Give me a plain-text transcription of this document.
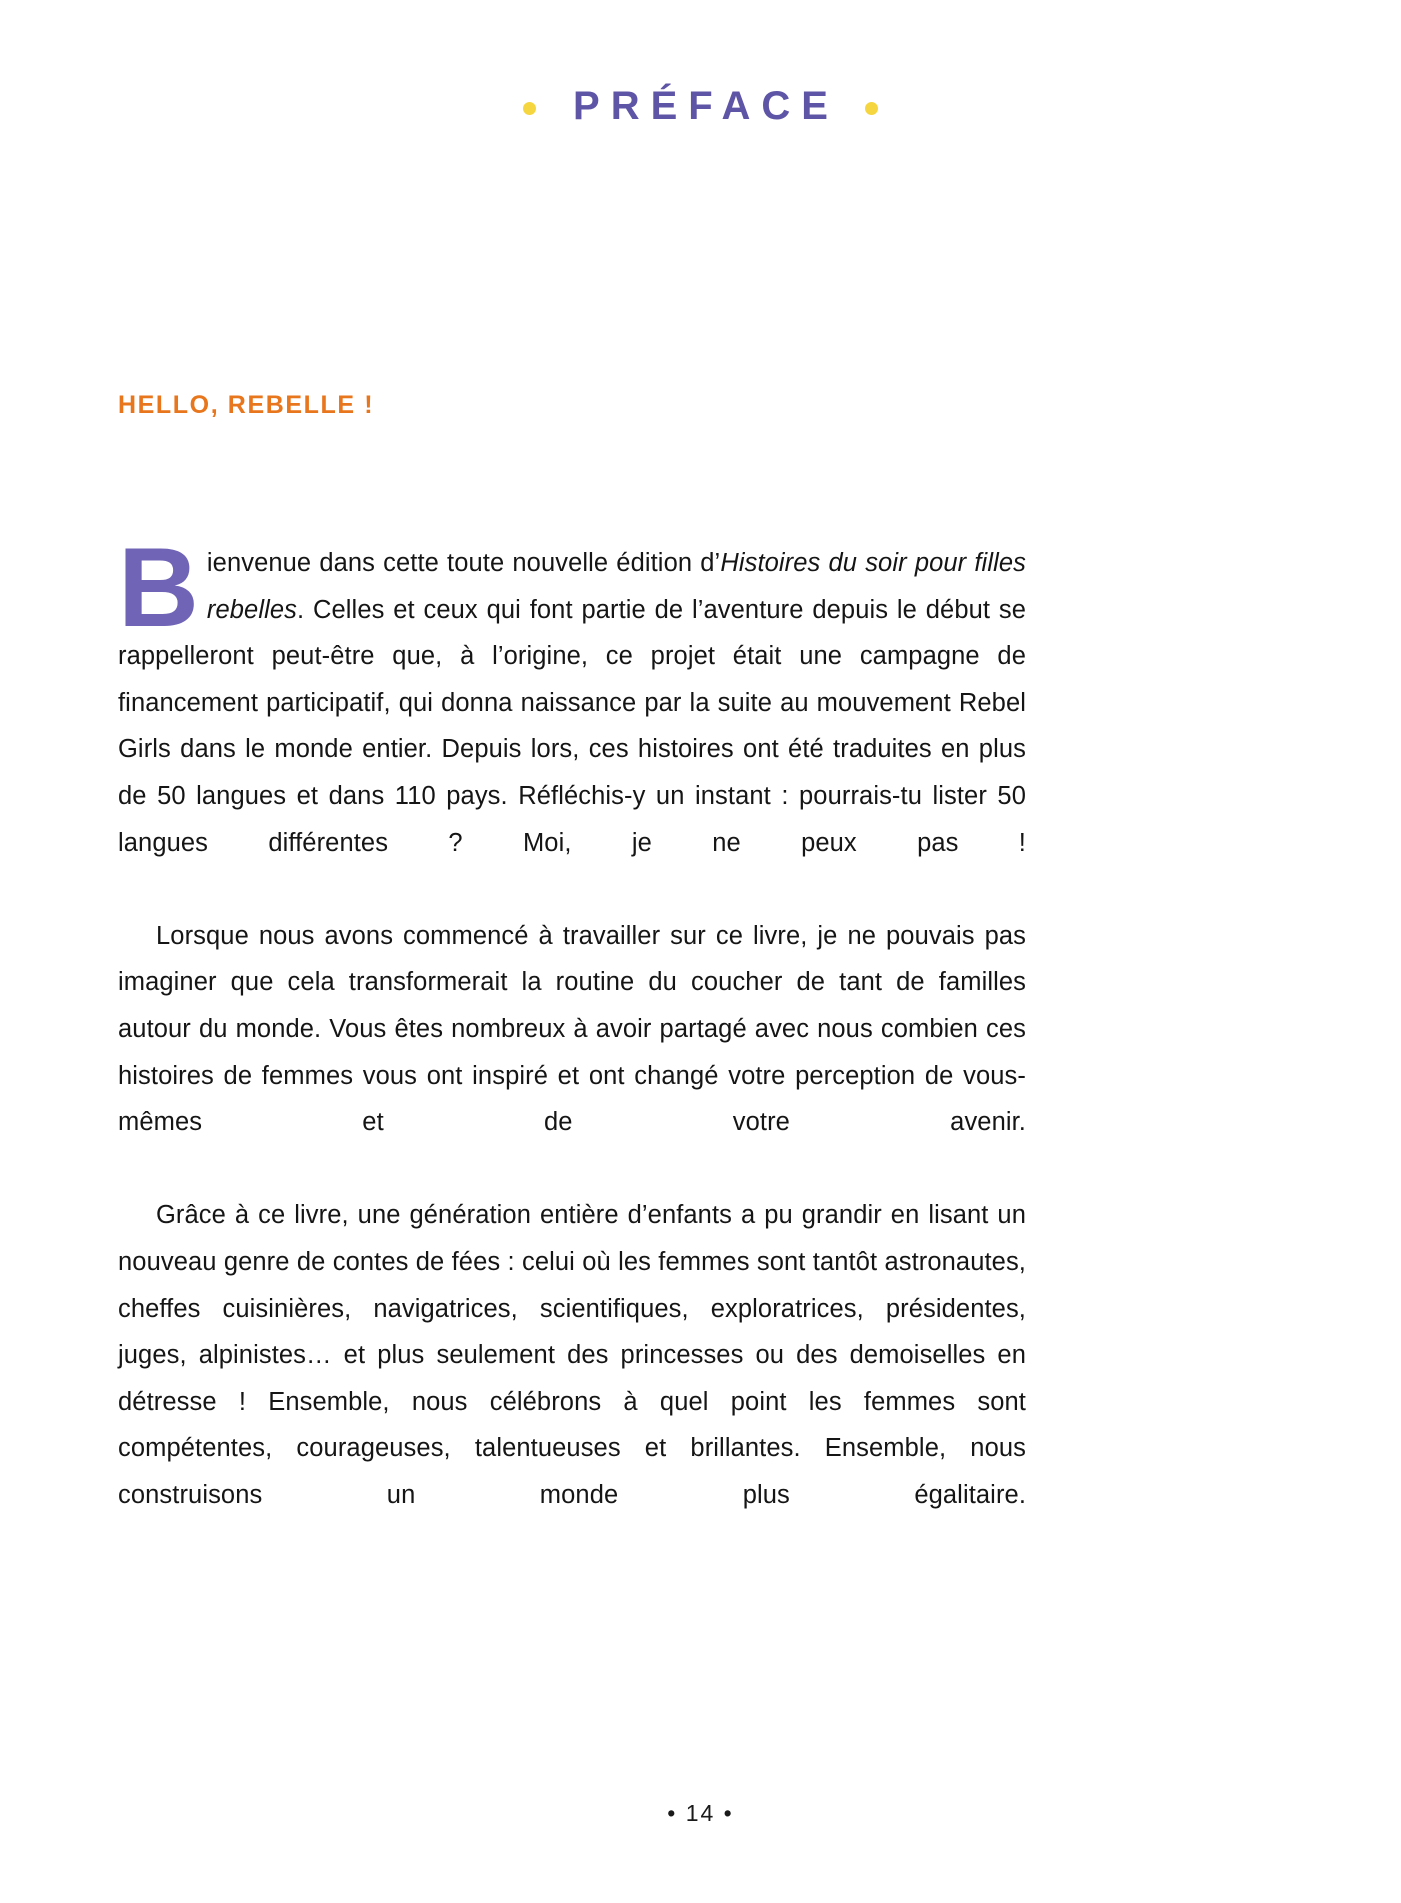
PRÉFACE
HELLO, REBELLE !

Bienvenue dans cette toute nouvelle édition d’Histoires du soir pour filles rebelles. Celles et ceux qui font partie de l’aventure depuis le début se rappelleront peut-être que, à l’origine, ce projet était une campagne de financement participatif, qui donna naissance par la suite au mouvement Rebel Girls dans le monde entier. Depuis lors, ces histoires ont été traduites en plus de 50 langues et dans 110 pays. Réfléchis-y un instant : pourrais-tu lister 50 langues différentes ? Moi, je ne peux pas !

Lorsque nous avons commencé à travailler sur ce livre, je ne pouvais pas imaginer que cela transformerait la routine du coucher de tant de familles autour du monde. Vous êtes nombreux à avoir partagé avec nous combien ces histoires de femmes vous ont inspiré et ont changé votre perception de vous-mêmes et de votre avenir.

Grâce à ce livre, une génération entière d’enfants a pu grandir en lisant un nouveau genre de contes de fées : celui où les femmes sont tantôt astronautes, cheffes cuisinières, navigatrices, scientifiques, exploratrices, présidentes, juges, alpinistes… et plus seulement des princesses ou des demoiselles en détresse ! Ensemble, nous célébrons à quel point les femmes sont compétentes, courageuses, talentueuses et brillantes. Ensemble, nous construisons un monde plus égalitaire.

• 14 •
